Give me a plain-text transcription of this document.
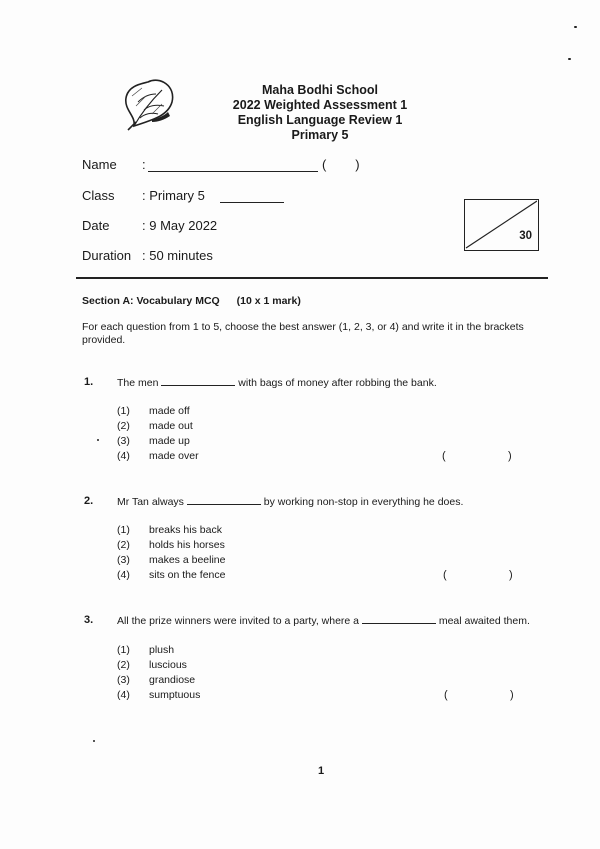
Maha Bodhi School
2022 Weighted Assessment 1
English Language Review 1
Primary 5
Name :	(        )
Class : Primary 5
Date	: 9 May 2022
Duration : 50 minutes
30
Section A: Vocabulary MCQ (10 x 1 mark)
For each question from 1 to 5, choose the best answer (1, 2, 3, or 4) and write it in the brackets provided.
1. The men	with bags of money after robbing the bank.
(1) made off
(2) made out
(3) made up
(4) made over	(	)
2. Mr Tan always	by working non-stop in everything he does.
(1) breaks his back
(2) holds his horses
(3) makes a beeline
(4) sits on the fence	(	)
3. All the prize winners were invited to a party, where a	meal awaited them.
(1) plush
(2) luscious
(3) grandiose
(4) sumptuous	(	)
1
